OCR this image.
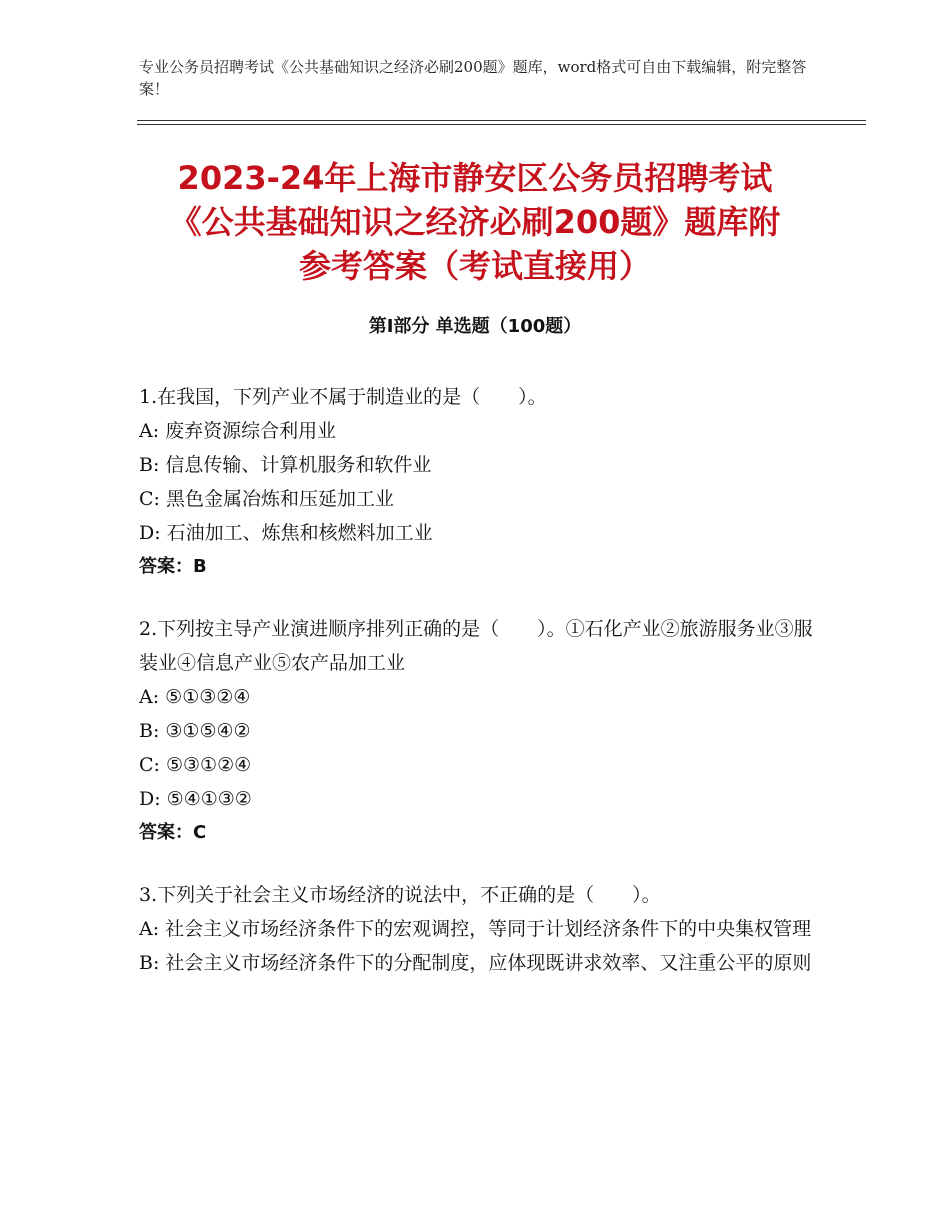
专业公务员招聘考试《公共基础知识之经济必刷200题》题库，word格式可自由下载编辑，附完整答案！
2023-24年上海市静安区公务员招聘考试
《公共基础知识之经济必刷200题》题库附
参考答案（考试直接用）
第Ⅰ部分 单选题（100题）

1.在我国，下列产业不属于制造业的是（　　）。

A: 废弃资源综合利用业

B: 信息传输、计算机服务和软件业

C: 黑色金属冶炼和压延加工业

D: 石油加工、炼焦和核燃料加工业

答案：B

2.下列按主导产业演进顺序排列正确的是（　　）。①石化产业②旅游服务业③服装业④信息产业⑤农产品加工业

A: ⑤①③②④

B: ③①⑤④②

C: ⑤③①②④

D: ⑤④①③②

答案：C

3.下列关于社会主义市场经济的说法中，不正确的是（　　）。

A: 社会主义市场经济条件下的宏观调控，等同于计划经济条件下的中央集权管理

B: 社会主义市场经济条件下的分配制度，应体现既讲求效率、又注重公平的原则
